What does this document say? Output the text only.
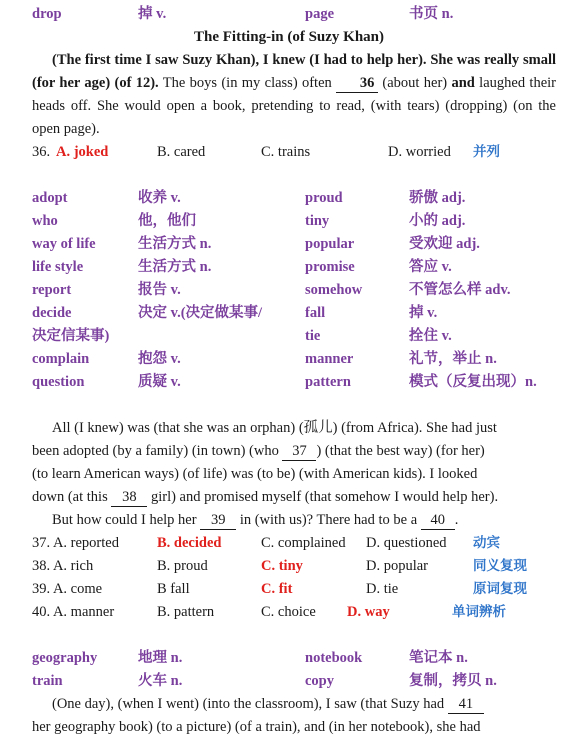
drop	掉 v.	page	书页 n.
The Fitting-in (of Suzy Khan)
(The first time I saw Suzy Khan), I knew (I had to help her). She was really small (for her age) (of 12). The boys (in my class) often 36 (about her) and laughed their heads off. She would open a book, pretending to read, (with tears) (dropping) (on the open page).
36. A. joked	B. cared	C. trains	D. worried 并列
adopt	收养 v.	proud	骄傲 adj.
who	他，他们	tiny	小的 adj.
way of life	生活方式 n.	popular	受欢迎 adj.
life style	生活方式 n.	promise	答应 v.
report	报告 v.	somehow	不管怎么样 adv.
decide	决定 v.(决定做某事/	fall	掉 v.
决定信某事)	tie	拴住 v.
complain	抱怨 v.	manner	礼节，举止 n.
question	质疑 v.	pattern	模式（反复出现）n.
All (I knew) was (that she was an orphan) (孤儿) (from Africa). She had just
been adopted (by a family) (in town) (who 37 ) (that the best way) (for her)
(to learn American ways) (of life) was (to be) (with American kids). I looked
down (at this 38 girl) and promised myself (that somehow I would help her).
But how could I help her 39 in (with us)? There had to be a 40 .
37. A. reported	B. decided	C. complained D. questioned 动宾
38. A. rich	B. proud	C. tiny	D. popular	同义复现
39. A. come	B fall	C. fit	D. tie	原词复现
40. A. manner	B. pattern	C. choice D. way	单词辨析
geography	地理 n.	notebook	笔记本 n.
train	火车 n.	copy	复制，拷贝 n.
(One day), (when I went) (into the classroom), I saw (that Suzy had 41
her geography book) (to a picture) (of a train), and (in her notebook), she had
